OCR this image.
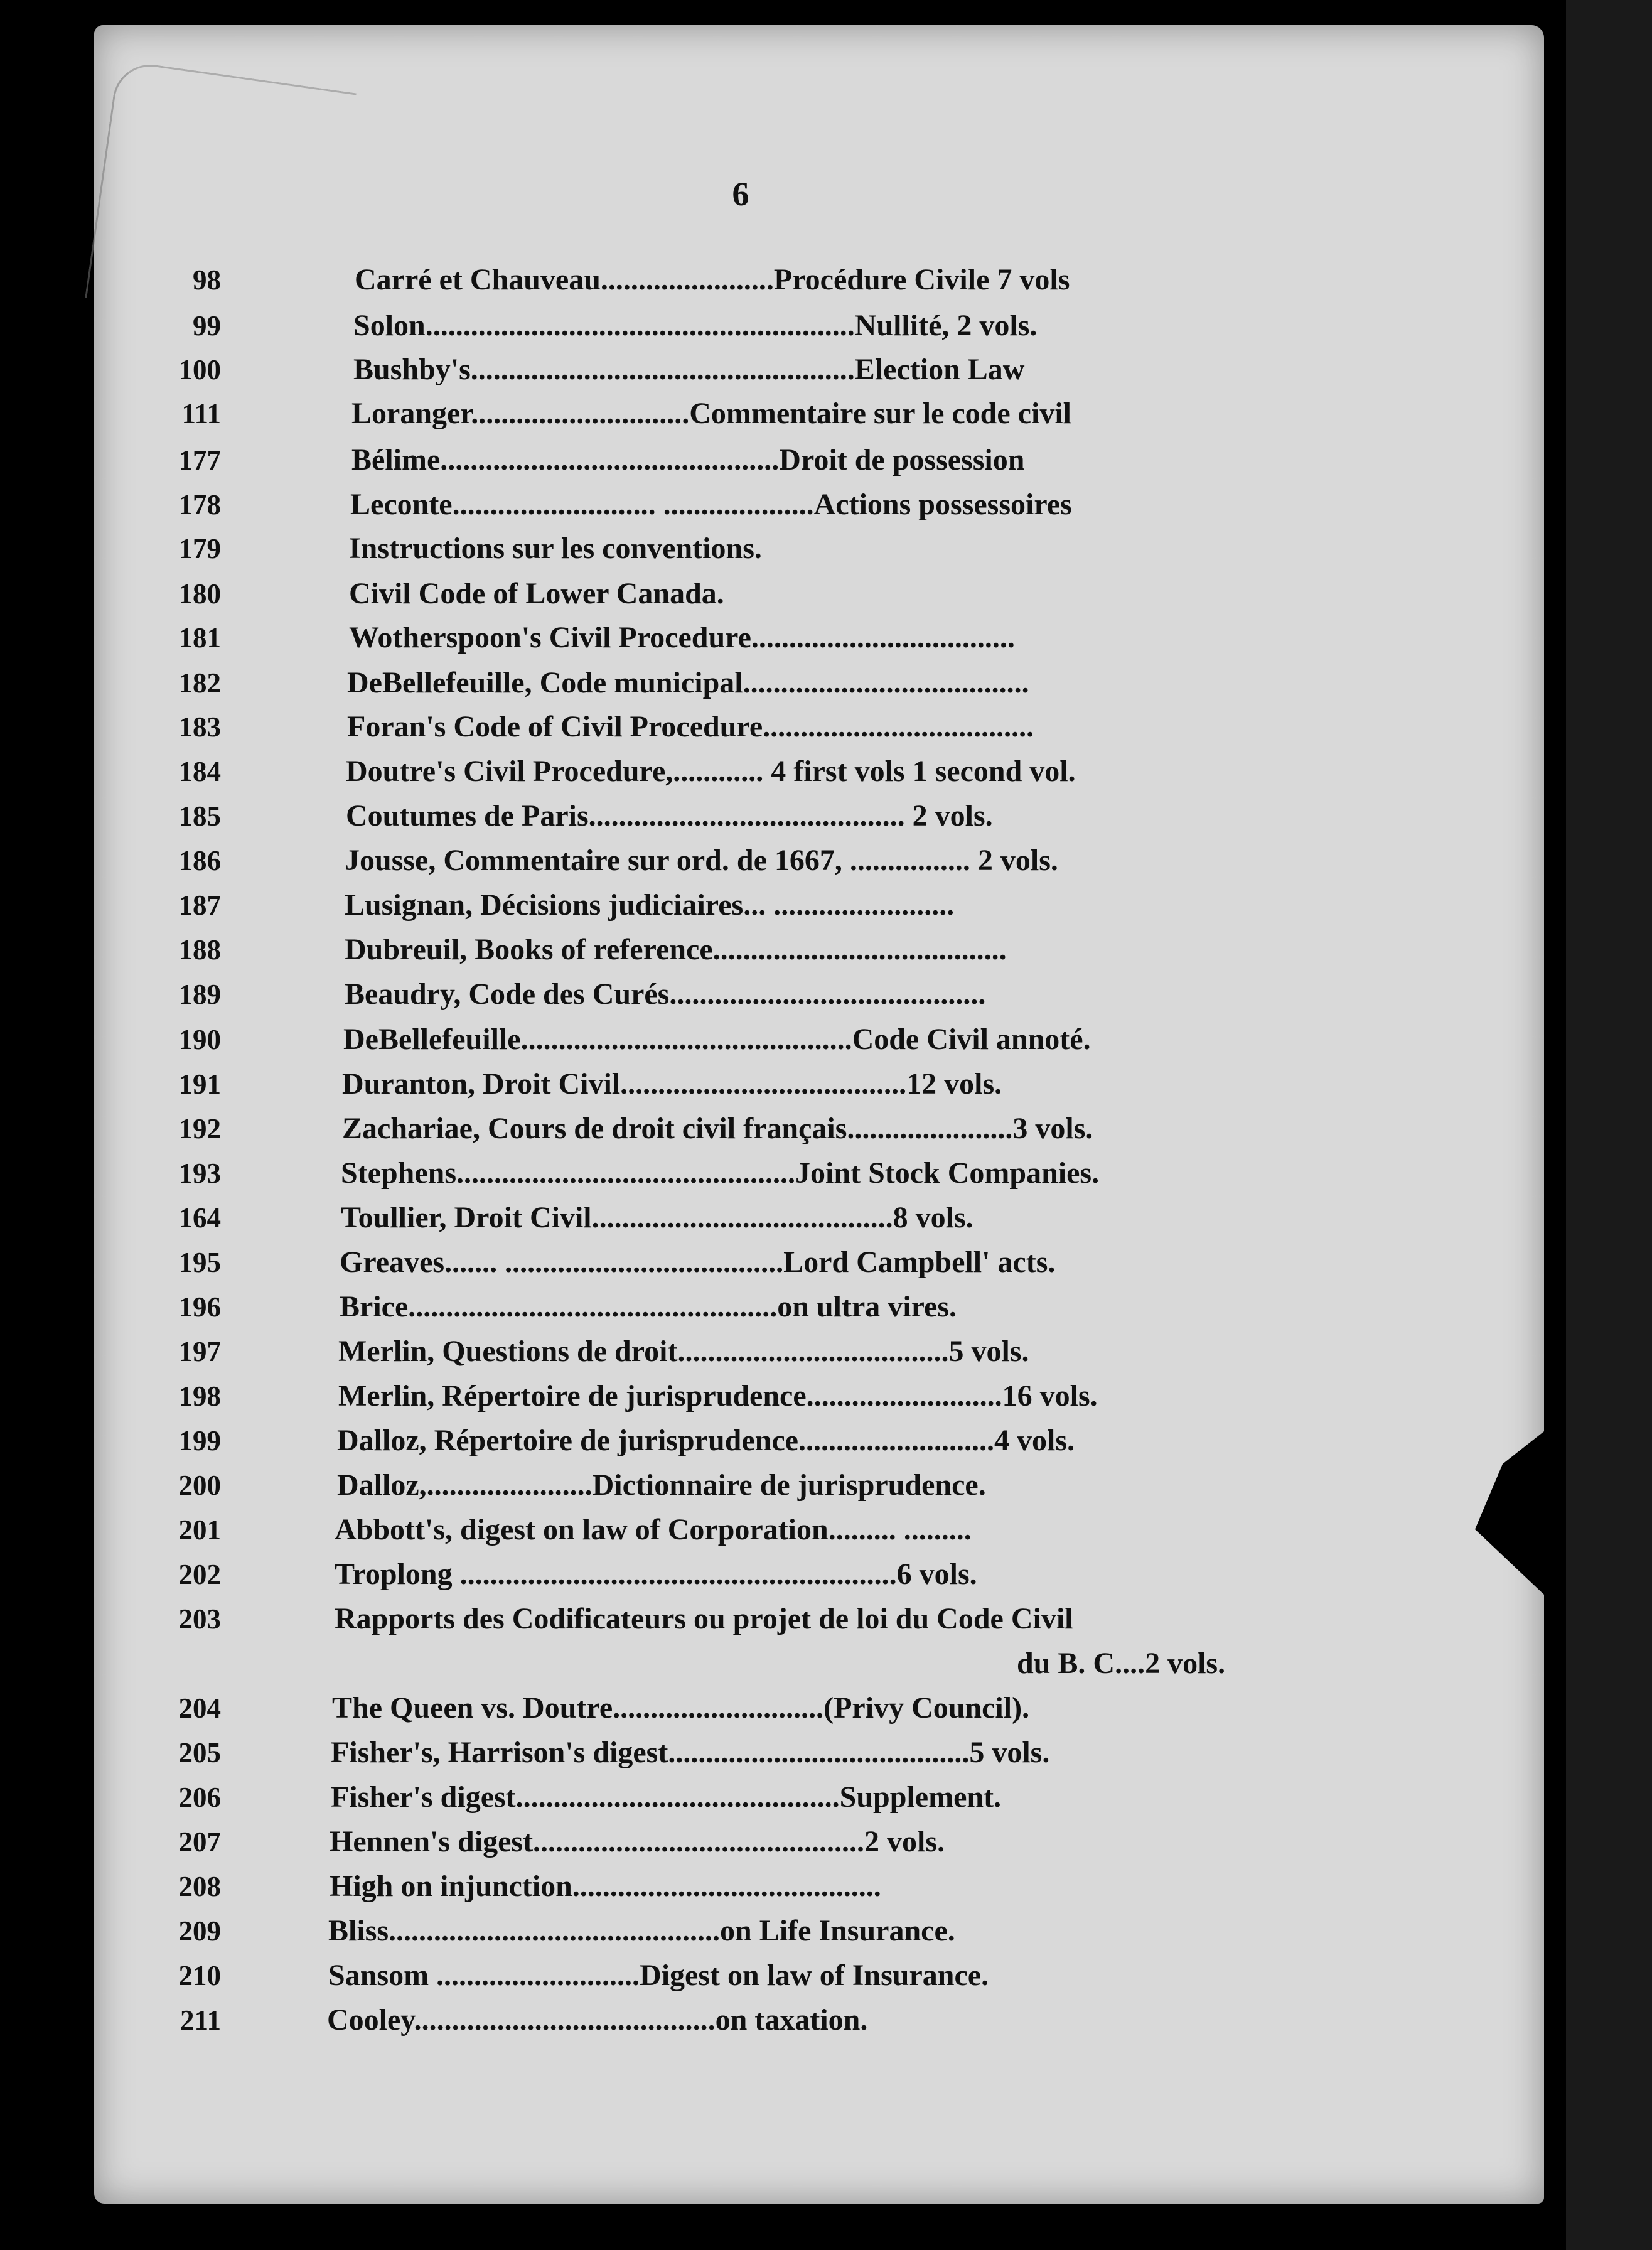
6
98	Carré et Chauveau.......................Procédure Civile 7 vols
99	Solon.........................................................Nullité, 2 vols.
100	Bushby's...................................................Election Law
111	Loranger.............................Commentaire sur le code civil
177	Bélime.............................................Droit de possession
178	Leconte........................... ....................Actions possessoires
179	Instructions sur les conventions.
180	Civil Code of Lower Canada.
181	Wotherspoon's Civil Procedure...................................
182	DeBellefeuille, Code municipal......................................
183	Foran's Code of Civil Procedure....................................
184	Doutre's Civil Procedure,............ 4 first vols 1 second vol.
185	Coutumes de Paris.......................................... 2 vols.
186	Jousse, Commentaire sur ord. de 1667, ................ 2 vols.
187	Lusignan, Décisions judiciaires... ........................
188	Dubreuil, Books of reference.......................................
189	Beaudry, Code des Curés..........................................
190	DeBellefeuille............................................Code Civil annoté.
191	Duranton, Droit Civil......................................12 vols.
192	Zachariae, Cours de droit civil français......................3 vols.
193	Stephens.............................................Joint Stock Companies.
164	Toullier, Droit Civil........................................8 vols.
195	Greaves....... .....................................Lord Campbell' acts.
196	Brice.................................................on ultra vires.
197	Merlin, Questions de droit....................................5 vols.
198	Merlin, Répertoire de jurisprudence..........................16 vols.
199	Dalloz, Répertoire de jurisprudence..........................4 vols.
200	Dalloz,......................Dictionnaire de jurisprudence.
201	Abbott's, digest on law of Corporation......... .........
202	Troplong ..........................................................6 vols.
203	Rapports des Codificateurs ou projet de loi du Code Civil
du B. C....2 vols.
204	The Queen vs. Doutre............................(Privy Council).
205	Fisher's, Harrison's digest........................................5 vols.
206	Fisher's digest...........................................Supplement.
207	Hennen's digest............................................2 vols.
208	High on injunction.........................................
209	Bliss............................................on Life Insurance.
210	Sansom ...........................Digest on law of Insurance.
211	Cooley........................................on taxation.
